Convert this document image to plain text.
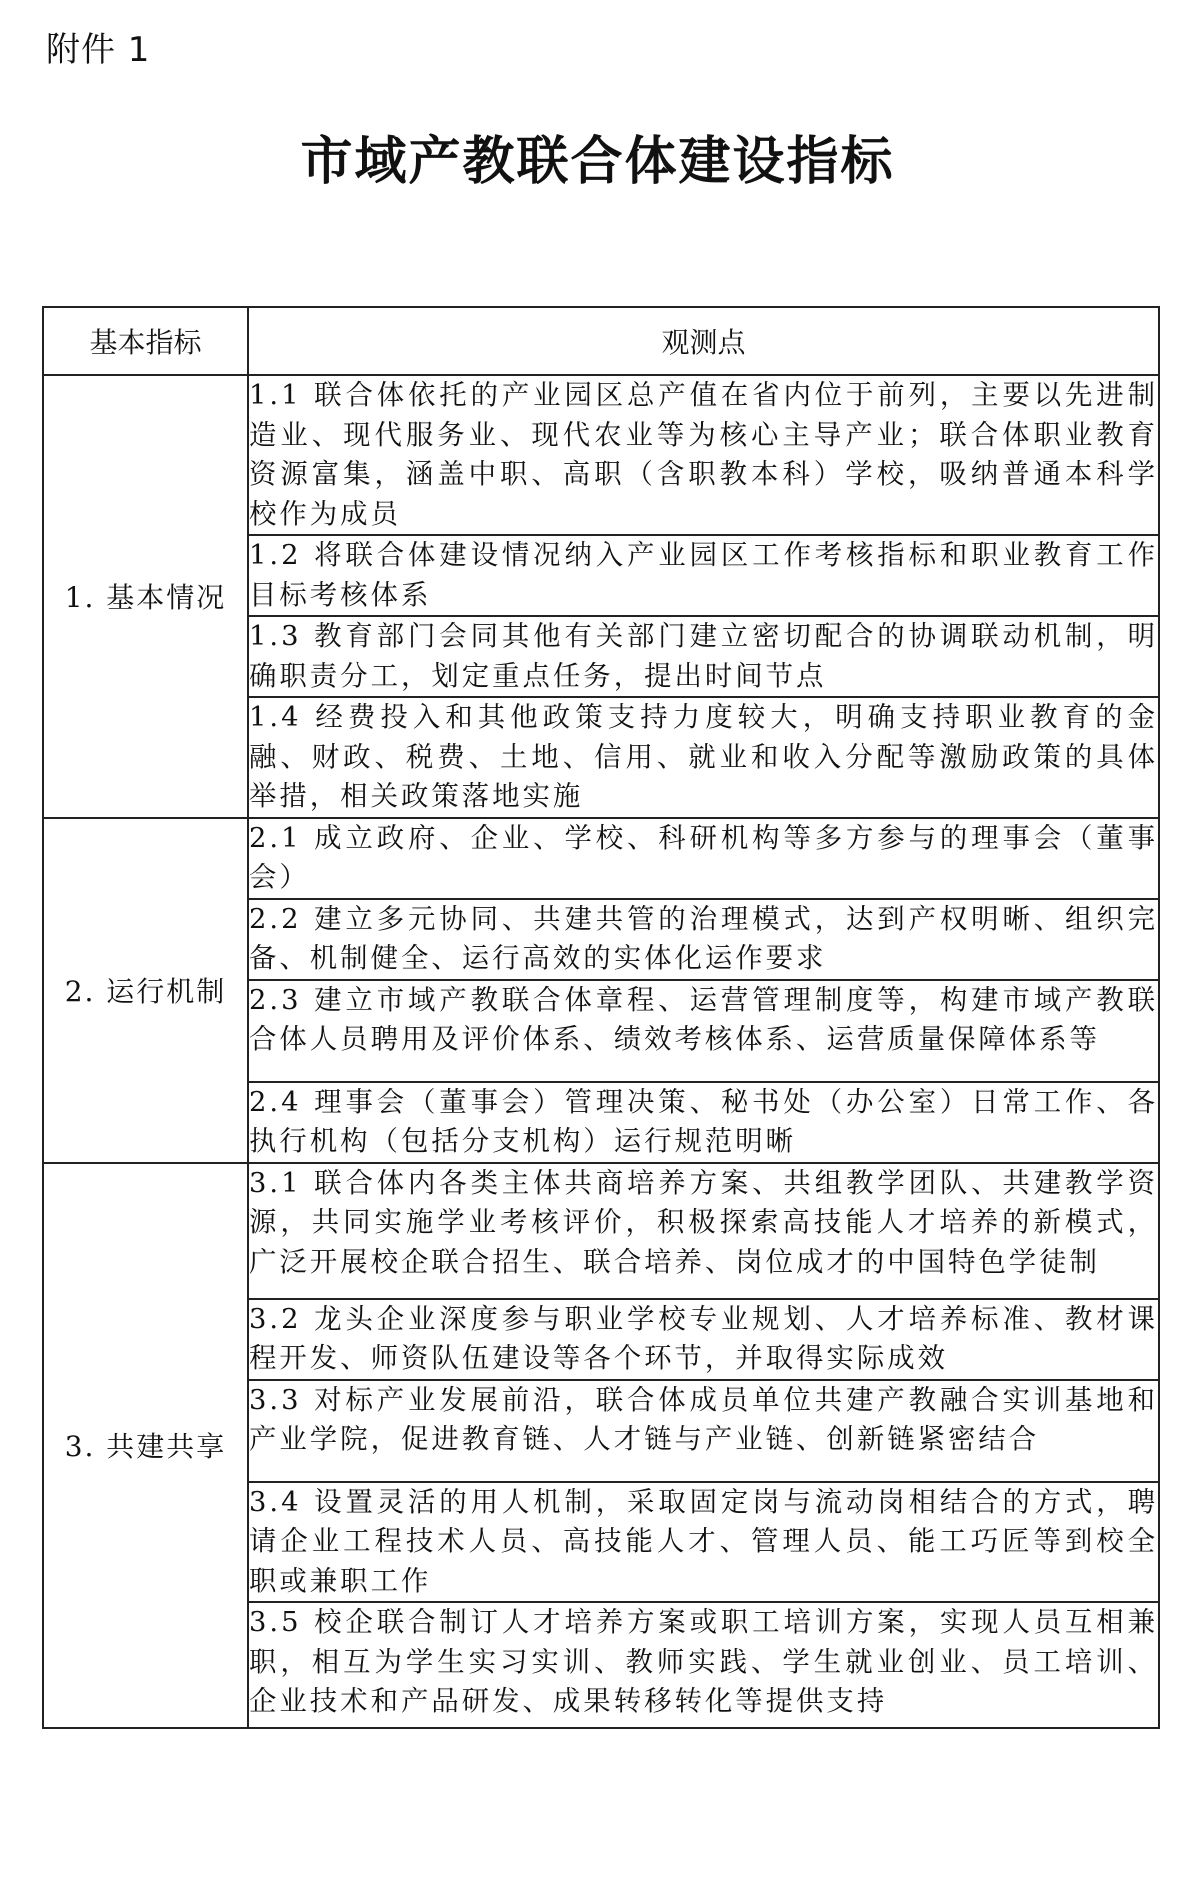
附件 1
市域产教联合体建设指标
基本指标	观测点
1. 基本情况	1.1 联合体依托的产业园区总产值在省内位于前列，主要以先进制造业、现代服务业、现代农业等为核心主导产业；联合体职业教育资源富集，涵盖中职、高职（含职教本科）学校，吸纳普通本科学校作为成员
	1.2 将联合体建设情况纳入产业园区工作考核指标和职业教育工作目标考核体系
	1.3 教育部门会同其他有关部门建立密切配合的协调联动机制，明确职责分工，划定重点任务，提出时间节点
	1.4 经费投入和其他政策支持力度较大，明确支持职业教育的金融、财政、税费、土地、信用、就业和收入分配等激励政策的具体举措，相关政策落地实施
2. 运行机制	2.1 成立政府、企业、学校、科研机构等多方参与的理事会（董事会）
	2.2 建立多元协同、共建共管的治理模式，达到产权明晰、组织完备、机制健全、运行高效的实体化运作要求
	2.3 建立市域产教联合体章程、运营管理制度等，构建市域产教联合体人员聘用及评价体系、绩效考核体系、运营质量保障体系等
	2.4 理事会（董事会）管理决策、秘书处（办公室）日常工作、各执行机构（包括分支机构）运行规范明晰
3. 共建共享	3.1 联合体内各类主体共商培养方案、共组教学团队、共建教学资源，共同实施学业考核评价，积极探索高技能人才培养的新模式，广泛开展校企联合招生、联合培养、岗位成才的中国特色学徒制
	3.2 龙头企业深度参与职业学校专业规划、人才培养标准、教材课程开发、师资队伍建设等各个环节，并取得实际成效
	3.3 对标产业发展前沿，联合体成员单位共建产教融合实训基地和产业学院，促进教育链、人才链与产业链、创新链紧密结合
	3.4 设置灵活的用人机制，采取固定岗与流动岗相结合的方式，聘请企业工程技术人员、高技能人才、管理人员、能工巧匠等到校全职或兼职工作
	3.5 校企联合制订人才培养方案或职工培训方案，实现人员互相兼职，相互为学生实习实训、教师实践、学生就业创业、员工培训、企业技术和产品研发、成果转移转化等提供支持
